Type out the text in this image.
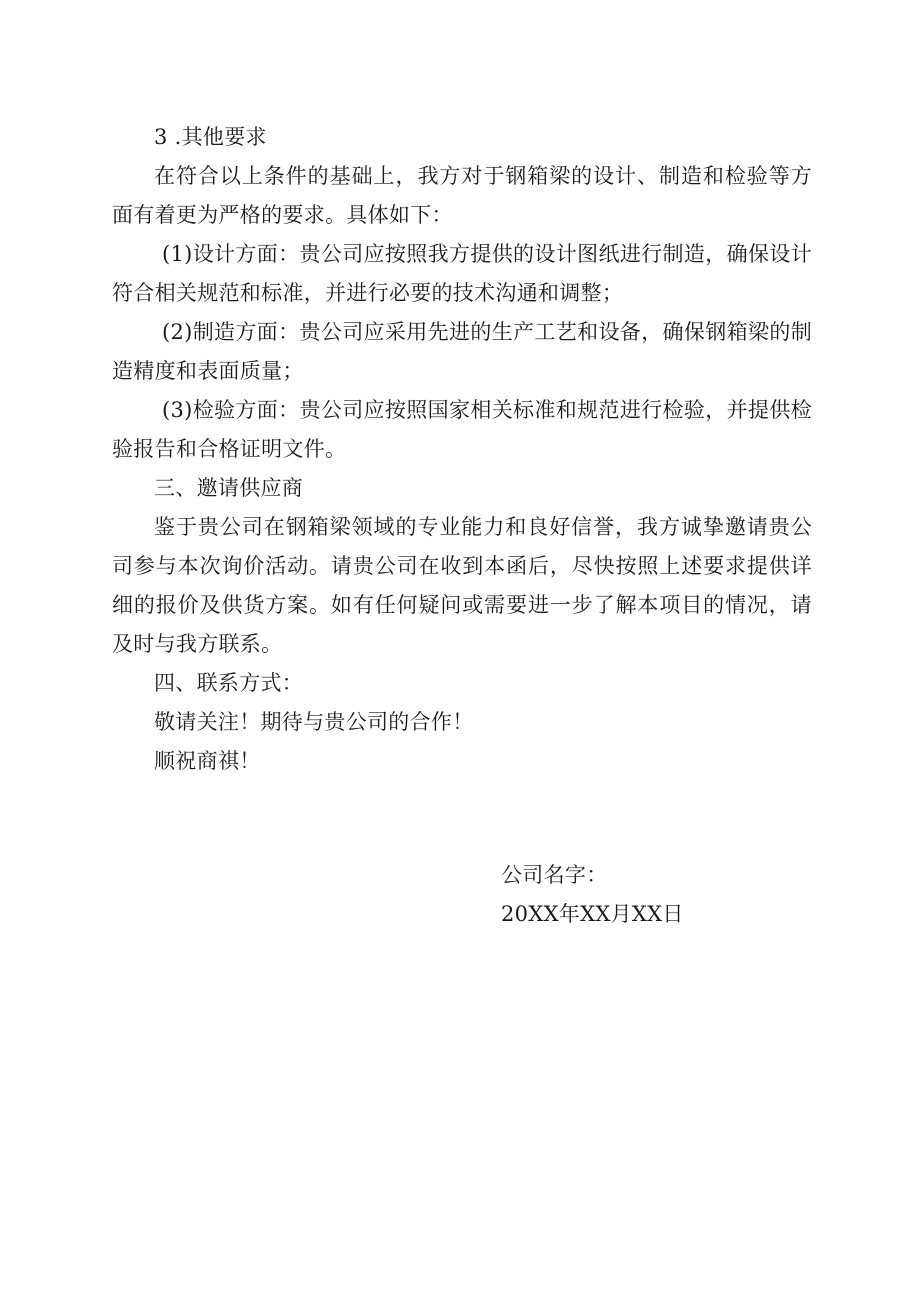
3 .其他要求

在符合以上条件的基础上，我方对于钢箱梁的设计、制造和检验等方面有着更为严格的要求。具体如下：

(1)设计方面：贵公司应按照我方提供的设计图纸进行制造，确保设计符合相关规范和标准，并进行必要的技术沟通和调整；

(2)制造方面：贵公司应采用先进的生产工艺和设备，确保钢箱梁的制造精度和表面质量；

(3)检验方面：贵公司应按照国家相关标准和规范进行检验，并提供检验报告和合格证明文件。

三、邀请供应商

鉴于贵公司在钢箱梁领域的专业能力和良好信誉，我方诚挚邀请贵公司参与本次询价活动。请贵公司在收到本函后，尽快按照上述要求提供详细的报价及供货方案。如有任何疑问或需要进一步了解本项目的情况，请及时与我方联系。

四、联系方式：

敬请关注！期待与贵公司的合作！

顺祝商祺！

公司名字：
20XX年XX月XX日
